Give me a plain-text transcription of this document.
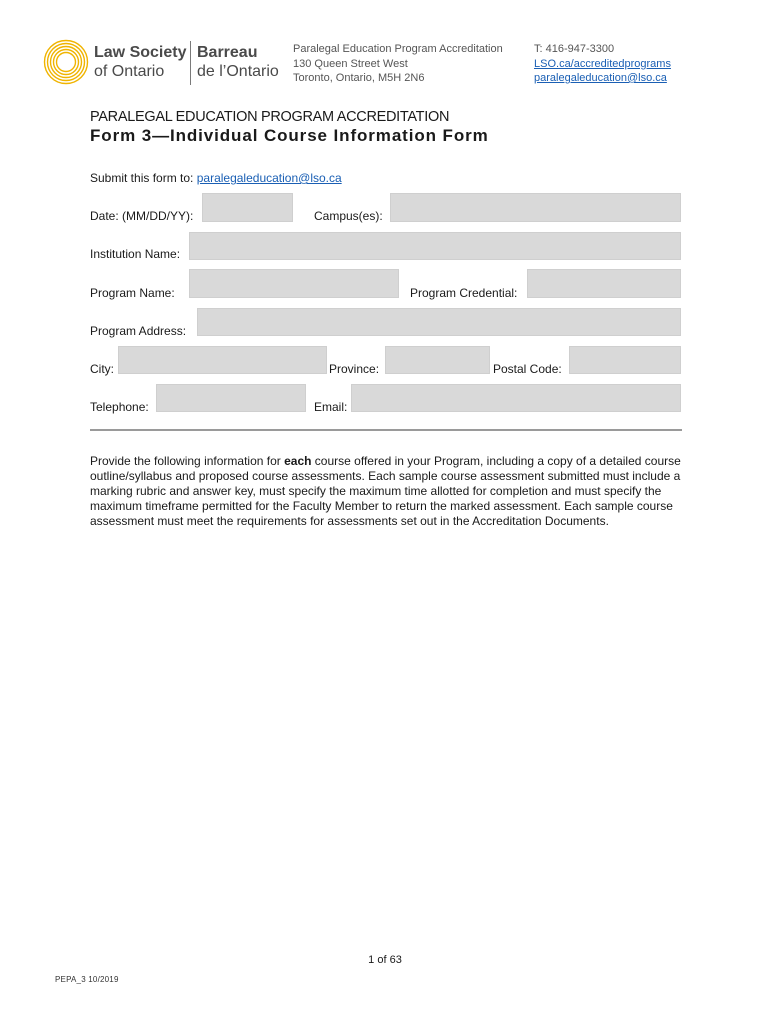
Law Society
of Ontario
Barreau
de l’Ontario
Paralegal Education Program Accreditation
130 Queen Street West
Toronto, Ontario, M5H 2N6
T: 416-947-3300
LSO.ca/accreditedprograms
paralegaleducation@lso.ca
PARALEGAL EDUCATION PROGRAM ACCREDITATION
Form 3—Individual Course Information Form
Submit this form to: paralegaleducation@lso.ca
Date: (MM/DD/YY):	Campus(es):
Institution Name:
Program Name:	Program Credential:
Program Address:
City:	Province:	Postal Code:
Telephone:	Email:
Provide the following information for each course offered in your Program, including a copy of a detailed course outline/syllabus and proposed course assessments. Each sample course assessment submitted must include a marking rubric and answer key, must specify the maximum time allotted for completion and must specify the maximum timeframe permitted for the Faculty Member to return the marked assessment. Each sample course assessment must meet the requirements for assessments set out in the Accreditation Documents.
1 of 63
PEPA_3 10/2019
